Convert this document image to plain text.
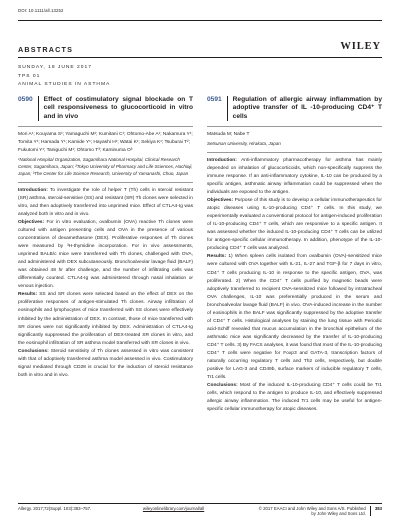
DOI: 10.1111/all.13252
ABSTRACTS	WILEY
SUNDAY, 18 JUNE 2017
TPS 01
ANIMAL STUDIES IN ASTHMA
0590	Effect of costimulatory signal blockade on T cell responsiveness to glucocorticoid in vitro and in vivo
Mori A¹; Kouyama S¹; Yamaguchi M¹; Kumitani C¹; Ohtomo-Abe A¹; Nakamura Y¹; Tomita Y¹; Hamada Y¹; Kamide Y¹; Hayashi H¹; Watai K¹; Sekiya K¹; Tsuburai T²; Fukutomi Y¹; Taniguchi M¹; Ohtomo T³; Kaminuma O³
¹National Hospital Organization, Sagamihara National Hospital, Clinical Research Center, Sagamihara, Japan; ²Tokyo University of Pharmacy and Life Sciences, Hachioji, Japan; ³The Center for Life Science Research, University of Yamanashi, Chuo, Japan

Introduction: To investigate the role of helper T (Th) cells in steroid resistant (SR) asthma, steroid-sensitive (SS) and resistant (SR) Th clones were selected in vitro, and then adoptively transferred into unprimed mice. Effect of CTLA4-Ig was analyzed both in vitro and in vivo.

Objectives: For in vitro evaluation, ovalbumin (OVA) reactive Th clones were cultured with antigen presenting cells and OVA in the presence of various concentrations of dexamethasone (DEX). Proliferative responses of Th clones were measured by ³H-thymidine incorporation. For in vivo assessments, unprimed BALB/c mice were transferred with Th clones, challenged with OVA, and administered with DEX subcutaneously. Bronchoalveolar lavage fluid (BALF) was obtained 48 hr after challenge, and the number of infiltrating cells was differentially counted. CTLA4-Ig was administered through nasal inhalation or venous injection.

Results: SS and SR clones were selected based on the effect of DEX on the proliferative responses of antigen-stimulated Th clones. Airway infiltration of eosinophils and lymphocytes of mice transferred with SS clones were effectively inhibited by the administration of DEX. In contrast, those of mice transferred with SR clones were not significantly inhibited by DEX. Administration of CTLA4-Ig significantly suppressed the proliferation of DEX-treated SR clones in vitro, and the eosinophil infiltration of SR asthma model transferred with SR clones in vivo.

Conclusions: Steroid sensitivity of Th clones assessed in vitro was consistent with that of adoptively transferred asthma model assessed in vivo. Costimulatory signal mediated through CD28 is crucial for the induction of steroid resistance both in vitro and in vivo.

0591	Regulation of allergic airway inflammation by adoptive transfer of IL -10-producing CD4⁺ T cells
Matsuda M; Nabe T
Setsunan University, Hirakata, Japan

Introduction: Anti-inflammatory pharmacotherapy for asthma has mainly depended on inhalation of glucocorticoids, which non-specifically suppress the immune response. If an anti-inflammatory cytokine, IL-10 can be produced by a specific antigen, asthmatic airway inflammation could be suppressed when the individuals are exposed to the antigen.

Objectives: Purpose of this study is to develop a cellular immunotherapeutics for atopic diseases using IL-10-producing CD4⁺ T cells. In this study, we experimentally evaluated a conventional protocol for antigen-induced proliferation of IL-10-producing CD4⁺ T cells, which are responsive to a specific antigen. It was assessed whether the induced IL-10-producing CD4⁺ T cells can be utilized for antigen-specific cellular immunotherapy. In addition, phenotype of the IL-10-producing CD4⁺ T cells was analyzed.

Results: 1) When spleen cells isolated from ovalbumin (OVA)-sensitized mice were cultured with OVA together with IL-21, IL-27 and TGF-β for 7 days in vitro, CD4⁺ T cells producing IL-10 in response to the specific antigen, OVA, was proliferated. 2) When the CD4⁺ T cells purified by magnetic beads were adoptively transferred to recipient OVA-sensitized mice followed by intratracheal OVA challenges, IL-10 was preferentially produced in the serum and bronchoalveolar lavage fluid (BALF) in vivo. OVA-induced increase in the number of eosinophils in the BALF was significantly suppressed by the adoptive transfer of CD4⁺ T cells. Histological analyses by staining the lung tissue with Periodic acid-Schiff revealed that mucus accumulation in the bronchial epithelium of the asthmatic mice was significantly decreased by the transfer of IL-10-producing CD4⁺ T cells. 3) By FACS analyses, it was found that most of the IL-10-producing CD4⁺ T cells were negative for Foxp3 and GATA-3, transcription factors of naturally occurring regulatory T cells and Th2 cells, respectively, but double positive for LAG-3 and CD49b, surface markers of inducible regulatory T cells, Tr1 cells.

Conclusions: Most of the induced IL-10-producing CD4⁺ T cells could be Tr1 cells, which respond to the antigen to produce IL-10, and effectively suppressed allergic airway inflammation. The induced Tr1 cells may be useful for antigen-specific cellular immunotherapy for atopic diseases.

Allergy. 2017;72(Suppl. 103):383–757.	wileyonlinelibrary.com/journal/all	© 2017 EAACI and John Wiley and Sons A/S. Published by John Wiley and Sons Ltd.
383
